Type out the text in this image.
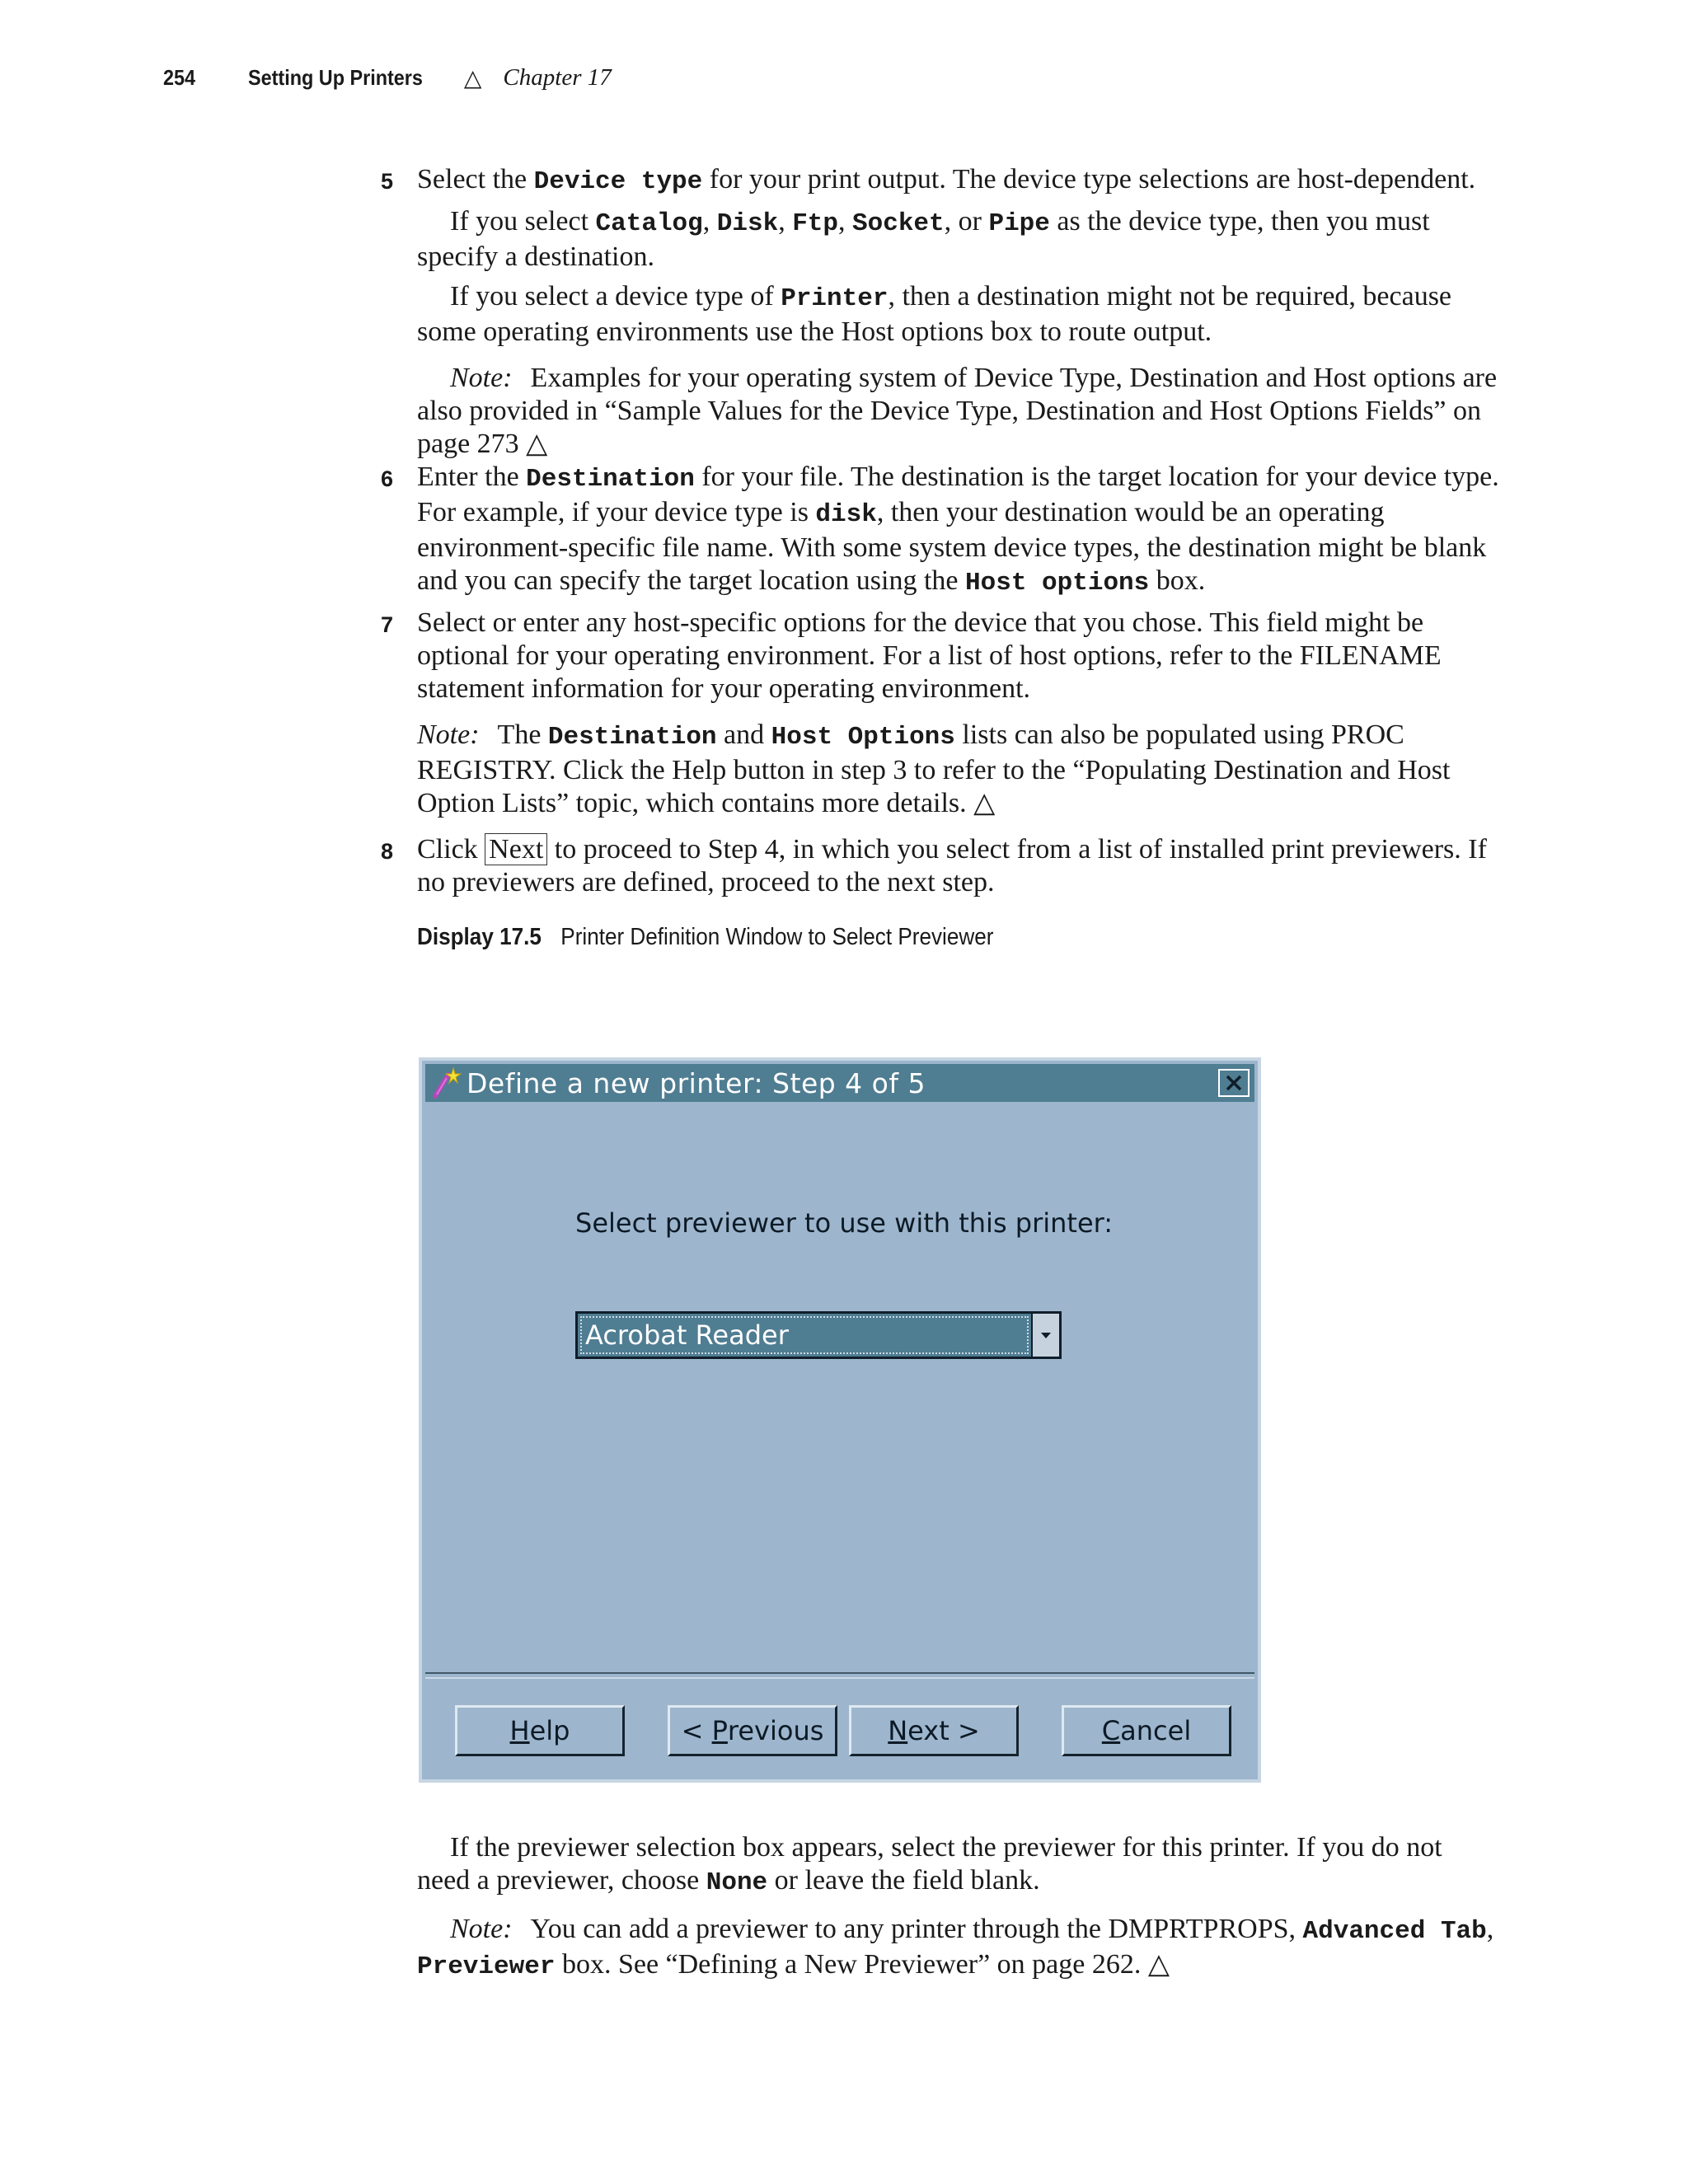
254 Setting Up Printers △ Chapter 17

5 Select the Device type for your print output. The device type selections are host-dependent.

If you select Catalog, Disk, Ftp, Socket, or Pipe as the device type, then you must specify a destination.

If you select a device type of Printer, then a destination might not be required, because some operating environments use the Host options box to route output.

Note: Examples for your operating system of Device Type, Destination and Host options are also provided in “Sample Values for the Device Type, Destination and Host Options Fields” on page 273 △

6 Enter the Destination for your file. The destination is the target location for your device type. For example, if your device type is disk, then your destination would be an operating environment-specific file name. With some system device types, the destination might be blank and you can specify the target location using the Host options box.

7 Select or enter any host-specific options for the device that you chose. This field might be optional for your operating environment. For a list of host options, refer to the FILENAME statement information for your operating environment.

Note: The Destination and Host Options lists can also be populated using PROC REGISTRY. Click the Help button in step 3 to refer to the “Populating Destination and Host Option Lists” topic, which contains more details. △

8 Click Next to proceed to Step 4, in which you select from a list of installed print previewers. If no previewers are defined, proceed to the next step.

Display 17.5 Printer Definition Window to Select Previewer
Define a new printer: Step 4 of 5
Select previewer to use with this printer:
Acrobat Reader
H elp	< P revious N ext >	C ancel

If the previewer selection box appears, select the previewer for this printer. If you do not need a previewer, choose None or leave the field blank.

Note: You can add a previewer to any printer through the DMPRTPROPS, Advanced Tab, Previewer box. See “Defining a New Previewer” on page 262. △
